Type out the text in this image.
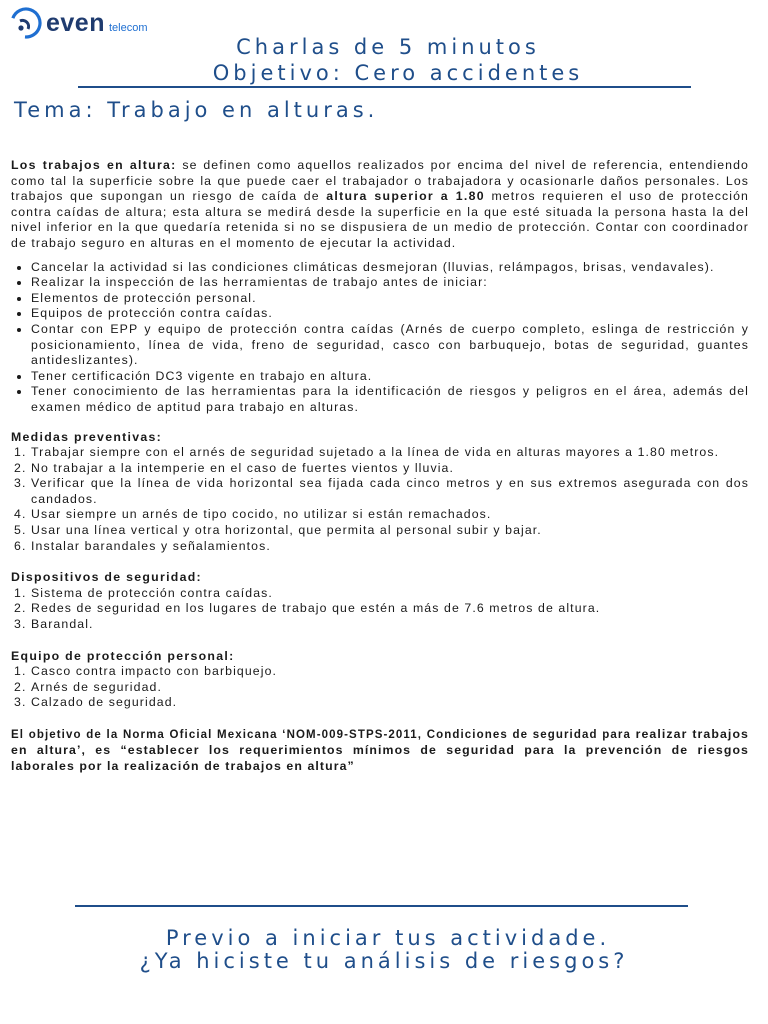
even telecom
Charlas de 5 minutos
Objetivo: Cero accidentes
Tema: Trabajo en alturas.

Los trabajos en altura: se definen como aquellos realizados por encima del nivel de referencia, entendiendo como tal la superficie sobre la que puede caer el trabajador o trabajadora y ocasionarle daños personales. Los trabajos que supongan un riesgo de caída de altura superior a 1.80 metros requieren el uso de protección contra caídas de altura; esta altura se medirá desde la superficie en la que esté situada la persona hasta la del nivel inferior en la que quedaría retenida si no se dispusiera de un medio de protección. Contar con coordinador de trabajo seguro en alturas en el momento de ejecutar la actividad.

• Cancelar la actividad si las condiciones climáticas desmejoran (lluvias, relámpagos, brisas, vendavales).
• Realizar la inspección de las herramientas de trabajo antes de iniciar:
• Elementos de protección personal.
• Equipos de protección contra caídas.
• Contar con EPP y equipo de protección contra caídas (Arnés de cuerpo completo, eslinga de restricción y posicionamiento, línea de vida, freno de seguridad, casco con barbuquejo, botas de seguridad, guantes antideslizantes).
• Tener certificación DC3 vigente en trabajo en altura.
• Tener conocimiento de las herramientas para la identificación de riesgos y peligros en el área, además del examen médico de aptitud para trabajo en alturas.

Medidas preventivas:

1. Trabajar siempre con el arnés de seguridad sujetado a la línea de vida en alturas mayores a 1.80 metros.
2. No trabajar a la intemperie en el caso de fuertes vientos y lluvia.
3. Verificar que la línea de vida horizontal sea fijada cada cinco metros y en sus extremos asegurada con dos candados.
4. Usar siempre un arnés de tipo cocido, no utilizar si están remachados.
5. Usar una línea vertical y otra horizontal, que permita al personal subir y bajar.
6. Instalar barandales y señalamientos.

Dispositivos de seguridad:

1. Sistema de protección contra caídas.
2. Redes de seguridad en los lugares de trabajo que estén a más de 7.6 metros de altura.
3. Barandal.

Equipo de protección personal:

1. Casco contra impacto con barbiquejo.
2. Arnés de seguridad.
3. Calzado de seguridad.

El objetivo de la Norma Oficial Mexicana ‘NOM-009-STPS-2011, Condiciones de seguridad para realizar trabajos en altura’, es “establecer los requerimientos mínimos de seguridad para la prevención de riesgos laborales por la realización de trabajos en altura”

Previo a iniciar tus actividade.
¿Ya hiciste tu análisis de riesgos?
